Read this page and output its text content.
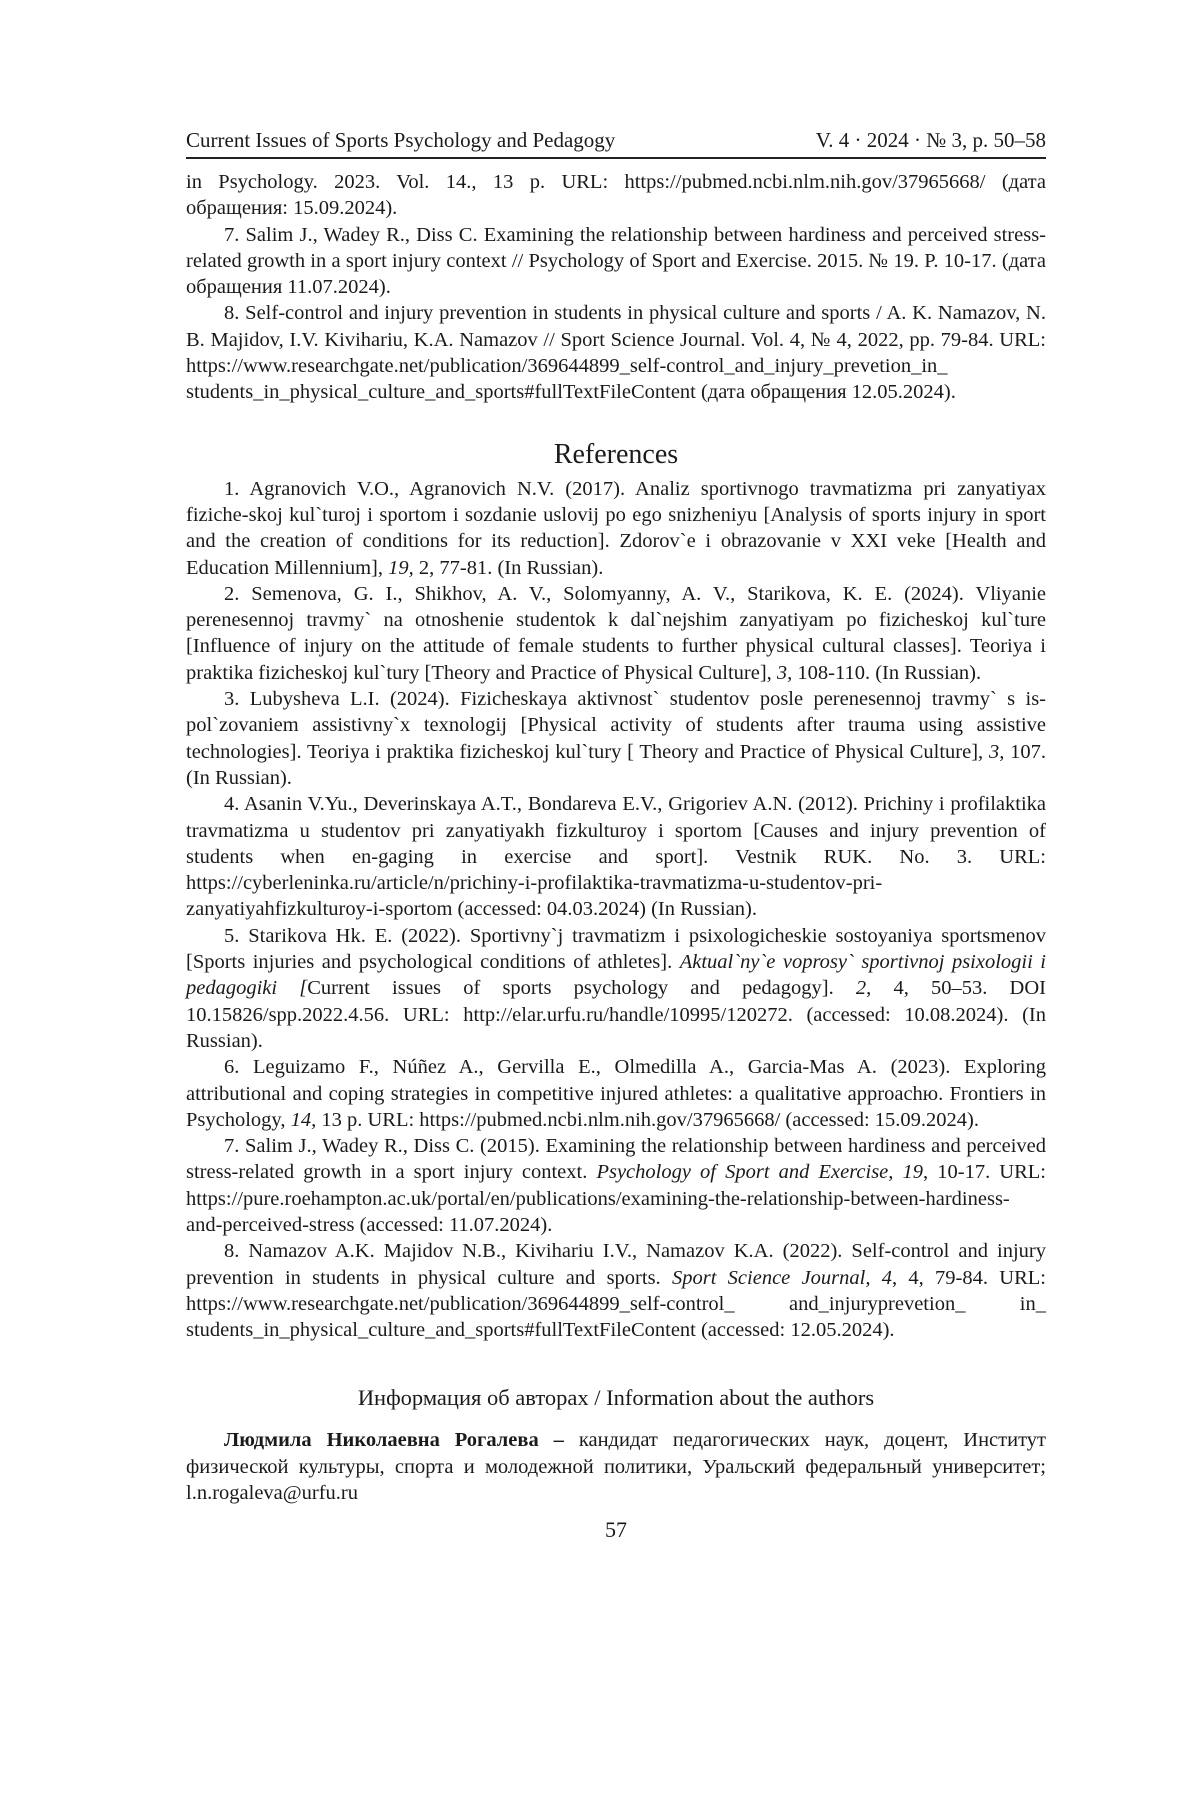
Current Issues of Sports Psychology and Pedagogy	V. 4 · 2024 · № 3, p. 50–58

in Psychology. 2023. Vol. 14., 13 p. URL: https://pubmed.ncbi.nlm.nih.gov/37965668/ (дата обращения: 15.09.2024).

7. Salim J., Wadey R., Diss C. Examining the relationship between hardiness and perceived stress-related growth in a sport injury context // Psychology of Sport and Exercise. 2015. № 19. P. 10-17. (дата обращения 11.07.2024).

8. Self-control and injury prevention in students in physical culture and sports / A. K. Namazov, N. B. Majidov, I.V. Kivihariu, K.A. Namazov // Sport Science Journal. Vol. 4, № 4, 2022, pp. 79-84. URL: https://www.researchgate.net/publication/369644899_self-control_and_injury_prevetion_in_ students_in_physical_culture_and_sports#fullTextFileContent (дата обращения 12.05.2024).

References

1. Agranovich V.O., Agranovich N.V. (2017). Analiz sportivnogo travmatizma pri zanyatiyax fiziche-skoj kul`turoj i sportom i sozdanie uslovij po ego snizheniyu [Analysis of sports injury in sport and the creation of conditions for its reduction]. Zdorov`e i obrazovanie v XXI veke [Health and Education Millennium], 19, 2, 77-81. (In Russian).

2. Semenova, G. I., Shikhov, A. V., Solomyanny, A. V., Starikova, K. E. (2024). Vliyanie perenesennoj travmy` na otnoshenie studentok k dal`nejshim zanyatiyam po fizicheskoj kul`ture [Influence of injury on the attitude of female students to further physical cultural classes]. Teoriya i praktika fizicheskoj kul`tury [Theory and Practice of Physical Culture], 3, 108-110. (In Russian).

3. Lubysheva L.I. (2024). Fizicheskaya aktivnost` studentov posle perenesennoj travmy` s is-pol`zovaniem assistivny`x texnologij [Physical activity of students after trauma using assistive technologies]. Teoriya i praktika fizicheskoj kul`tury [ Theory and Practice of Physical Culture], 3, 107. (In Russian).

4. Asanin V.Yu., Deverinskaya A.T., Bondareva E.V., Grigoriev A.N. (2012). Prichiny i profilaktika travmatizma u studentov pri zanyatiyakh fizkulturoy i sportom [Causes and injury prevention of students when en-gaging in exercise and sport]. Vestnik RUK. No. 3. URL: https://cyberleninka.ru/article/n/prichiny-i-profilaktika-travmatizma-u-studentov-pri-zanyatiyahfizkulturoy-i-sportom (accessed: 04.03.2024) (In Russian).

5. Starikova Hk. E. (2022). Sportivny`j travmatizm i psixologicheskie sostoyaniya sportsmenov [Sports injuries and psychological conditions of athletes]. Aktual`ny`e voprosy` sportivnoj psixologii i pedagogiki [Current issues of sports psychology and pedagogy]. 2, 4, 50–53. DOI 10.15826/spp.2022.4.56. URL: http://elar.urfu.ru/handle/10995/120272. (accessed: 10.08.2024). (In Russian).

6. Leguizamo F., Núñez A., Gervilla E., Olmedilla A., Garcia-Mas A. (2023). Exploring attributional and coping strategies in competitive injured athletes: a qualitative approachю. Frontiers in Psychology, 14, 13 p. URL: https://pubmed.ncbi.nlm.nih.gov/37965668/ (accessed: 15.09.2024).

7. Salim J., Wadey R., Diss C. (2015). Examining the relationship between hardiness and perceived stress-related growth in a sport injury context. Psychology of Sport and Exercise, 19, 10-17. URL: https://pure.roehampton.ac.uk/portal/en/publications/examining-the-relationship-between-hardiness-and-perceived-stress (accessed: 11.07.2024).

8. Namazov A.K. Majidov N.B., Kivihariu I.V., Namazov K.A. (2022). Self-control and injury prevention in students in physical culture and sports. Sport Science Journal, 4, 4, 79-84. URL: https://www.researchgate.net/publication/369644899_self-control_ and_injuryprevetion_ in_ students_in_physical_culture_and_sports#fullTextFileContent (accessed: 12.05.2024).

Информация об авторах / Information about the authors

Людмила Николаевна Рогалева – кандидат педагогических наук, доцент, Институт физической культуры, спорта и молодежной политики, Уральский федеральный университет; l.n.rogaleva@urfu.ru

57
